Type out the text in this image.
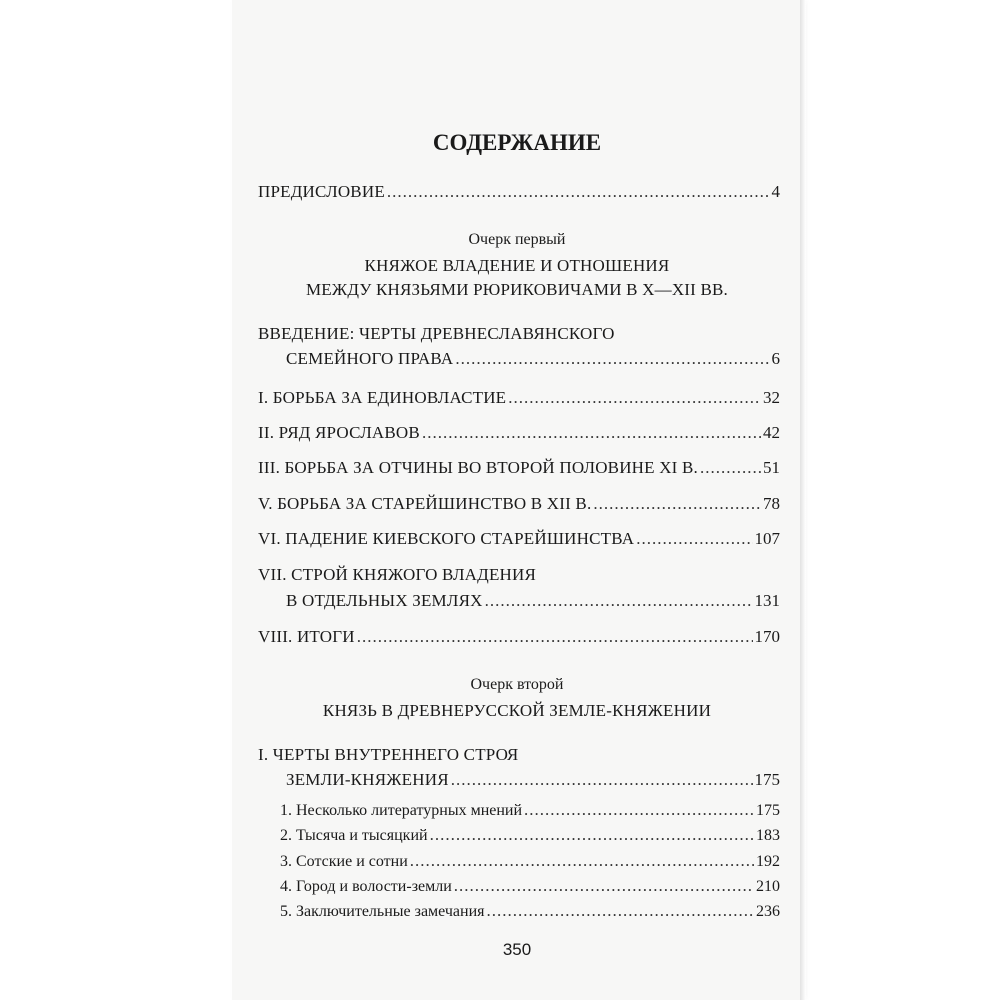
СОДЕРЖАНИЕ
ПРЕДИСЛОВИЕ .....	4
Очерк первый
КНЯЖОЕ ВЛАДЕНИЕ И ОТНОШЕНИЯ
МЕЖДУ КНЯЗЬЯМИ РЮРИКОВИЧАМИ В X—XII ВВ.
ВВЕДЕНИЕ: ЧЕРТЫ ДРЕВНЕСЛАВЯНСКОГО
СЕМЕЙНОГО ПРАВА .....	6
I. БОРЬБА ЗА ЕДИНОВЛАСТИЕ .....	32
II. РЯД ЯРОСЛАВОВ .....	42
III. БОРЬБА ЗА ОТЧИНЫ ВО ВТОРОЙ ПОЛОВИНЕ XI В. .....	51
V. БОРЬБА ЗА СТАРЕЙШИНСТВО В XII В. .....	78
VI. ПАДЕНИЕ КИЕВСКОГО СТАРЕЙШИНСТВА .....	107
VII. СТРОЙ КНЯЖОГО ВЛАДЕНИЯ
В ОТДЕЛЬНЫХ ЗЕМЛЯХ .....	131
VIII. ИТОГИ .....	170
Очерк второй
КНЯЗЬ В ДРЕВНЕРУССКОЙ ЗЕМЛЕ-КНЯЖЕНИИ
I. ЧЕРТЫ ВНУТРЕННЕГО СТРОЯ
ЗЕМЛИ-КНЯЖЕНИЯ .....	175
1. Несколько литературных мнений .....	175
2. Тысяча и тысяцкий .....	183
3. Сотские и сотни .....	192
4. Город и волости-земли .....	210
5. Заключительные замечания .....	236
350
